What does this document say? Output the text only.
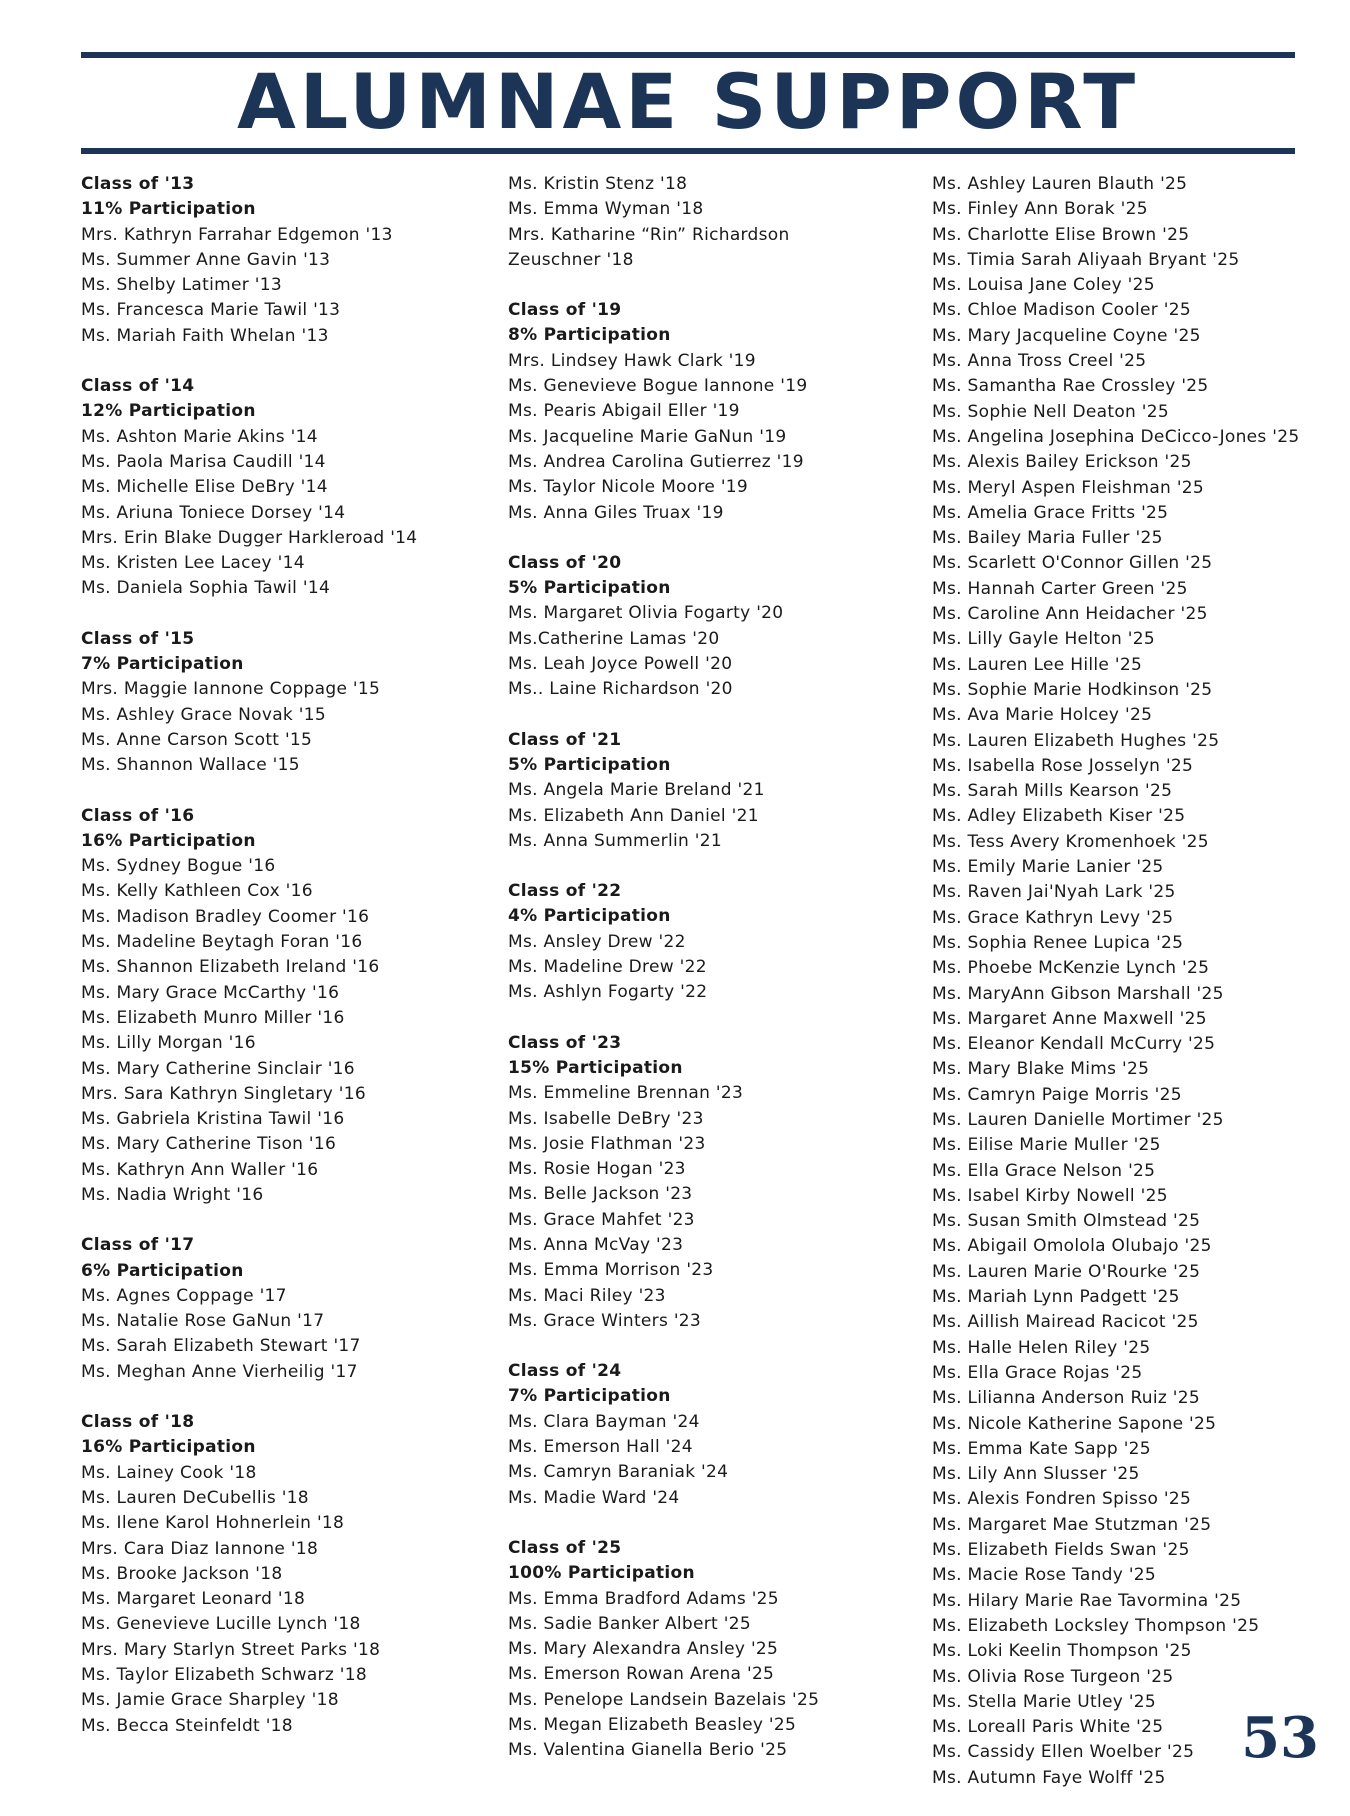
ALUMNAE SUPPORT
Class of '13
11% Participation
Mrs. Kathryn Farrahar Edgemon '13
Ms. Summer Anne Gavin '13
Ms. Shelby Latimer '13
Ms. Francesca Marie Tawil '13
Ms. Mariah Faith Whelan '13
Class of '14
12% Participation
Ms. Ashton Marie Akins '14
Ms. Paola Marisa Caudill '14
Ms. Michelle Elise DeBry '14
Ms. Ariuna Toniece Dorsey '14
Mrs. Erin Blake Dugger Harkleroad '14
Ms. Kristen Lee Lacey '14
Ms. Daniela Sophia Tawil '14
Class of '15
7% Participation
Mrs. Maggie Iannone Coppage '15
Ms. Ashley Grace Novak '15
Ms. Anne Carson Scott '15
Ms. Shannon Wallace '15
Class of '16
16% Participation
Ms. Sydney Bogue '16
Ms. Kelly Kathleen Cox '16
Ms. Madison Bradley Coomer '16
Ms. Madeline Beytagh Foran '16
Ms. Shannon Elizabeth Ireland '16
Ms. Mary Grace McCarthy '16
Ms. Elizabeth Munro Miller '16
Ms. Lilly Morgan '16
Ms. Mary Catherine Sinclair '16
Mrs. Sara Kathryn Singletary '16
Ms. Gabriela Kristina Tawil '16
Ms. Mary Catherine Tison '16
Ms. Kathryn Ann Waller '16
Ms. Nadia Wright '16
Class of '17
6% Participation
Ms. Agnes Coppage '17
Ms. Natalie Rose GaNun '17
Ms. Sarah Elizabeth Stewart '17
Ms. Meghan Anne Vierheilig '17
Class of '18
16% Participation
Ms. Lainey Cook '18
Ms. Lauren DeCubellis '18
Ms. Ilene Karol Hohnerlein '18
Mrs. Cara Diaz Iannone '18
Ms. Brooke Jackson '18
Ms. Margaret Leonard '18
Ms. Genevieve Lucille Lynch '18
Mrs. Mary Starlyn Street Parks '18
Ms. Taylor Elizabeth Schwarz '18
Ms. Jamie Grace Sharpley '18
Ms. Becca Steinfeldt '18
Ms. Kristin Stenz '18
Ms. Emma Wyman '18
Mrs. Katharine “Rin” Richardson
Zeuschner '18
Class of '19
8% Participation
Mrs. Lindsey Hawk Clark '19
Ms. Genevieve Bogue Iannone '19
Ms. Pearis Abigail Eller '19
Ms. Jacqueline Marie GaNun '19
Ms. Andrea Carolina Gutierrez '19
Ms. Taylor Nicole Moore '19
Ms. Anna Giles Truax '19
Class of '20
5% Participation
Ms. Margaret Olivia Fogarty '20
Ms.Catherine Lamas '20
Ms. Leah Joyce Powell '20
Ms.. Laine Richardson '20
Class of '21
5% Participation
Ms. Angela Marie Breland '21
Ms. Elizabeth Ann Daniel '21
Ms. Anna Summerlin '21
Class of '22
4% Participation
Ms. Ansley Drew '22
Ms. Madeline Drew '22
Ms. Ashlyn Fogarty '22
Class of '23
15% Participation
Ms. Emmeline Brennan '23
Ms. Isabelle DeBry '23
Ms. Josie Flathman '23
Ms. Rosie Hogan '23
Ms. Belle Jackson '23
Ms. Grace Mahfet '23
Ms. Anna McVay '23
Ms. Emma Morrison '23
Ms. Maci Riley '23
Ms. Grace Winters '23
Class of '24
7% Participation
Ms. Clara Bayman '24
Ms. Emerson Hall '24
Ms. Camryn Baraniak '24
Ms. Madie Ward '24
Class of '25
100% Participation
Ms. Emma Bradford Adams '25
Ms. Sadie Banker Albert '25
Ms. Mary Alexandra Ansley '25
Ms. Emerson Rowan Arena '25
Ms. Penelope Landsein Bazelais '25
Ms. Megan Elizabeth Beasley '25
Ms. Valentina Gianella Berio '25
Ms. Ashley Lauren Blauth '25
Ms. Finley Ann Borak '25
Ms. Charlotte Elise Brown '25
Ms. Timia Sarah Aliyaah Bryant '25
Ms. Louisa Jane Coley '25
Ms. Chloe Madison Cooler '25
Ms. Mary Jacqueline Coyne '25
Ms. Anna Tross Creel '25
Ms. Samantha Rae Crossley '25
Ms. Sophie Nell Deaton '25
Ms. Angelina Josephina DeCicco-Jones '25
Ms. Alexis Bailey Erickson '25
Ms. Meryl Aspen Fleishman '25
Ms. Amelia Grace Fritts '25
Ms. Bailey Maria Fuller '25
Ms. Scarlett O'Connor Gillen '25
Ms. Hannah Carter Green '25
Ms. Caroline Ann Heidacher '25
Ms. Lilly Gayle Helton '25
Ms. Lauren Lee Hille '25
Ms. Sophie Marie Hodkinson '25
Ms. Ava Marie Holcey '25
Ms. Lauren Elizabeth Hughes '25
Ms. Isabella Rose Josselyn '25
Ms. Sarah Mills Kearson '25
Ms. Adley Elizabeth Kiser '25
Ms. Tess Avery Kromenhoek '25
Ms. Emily Marie Lanier '25
Ms. Raven Jai'Nyah Lark '25
Ms. Grace Kathryn Levy '25
Ms. Sophia Renee Lupica '25
Ms. Phoebe McKenzie Lynch '25
Ms. MaryAnn Gibson Marshall '25
Ms. Margaret Anne Maxwell '25
Ms. Eleanor Kendall McCurry '25
Ms. Mary Blake Mims '25
Ms. Camryn Paige Morris '25
Ms. Lauren Danielle Mortimer '25
Ms. Eilise Marie Muller '25
Ms. Ella Grace Nelson '25
Ms. Isabel Kirby Nowell '25
Ms. Susan Smith Olmstead '25
Ms. Abigail Omolola Olubajo '25
Ms. Lauren Marie O'Rourke '25
Ms. Mariah Lynn Padgett '25
Ms. Aillish Mairead Racicot '25
Ms. Halle Helen Riley '25
Ms. Ella Grace Rojas '25
Ms. Lilianna Anderson Ruiz '25
Ms. Nicole Katherine Sapone '25
Ms. Emma Kate Sapp '25
Ms. Lily Ann Slusser '25
Ms. Alexis Fondren Spisso '25
Ms. Margaret Mae Stutzman '25
Ms. Elizabeth Fields Swan '25
Ms. Macie Rose Tandy '25
Ms. Hilary Marie Rae Tavormina '25
Ms. Elizabeth Locksley Thompson '25
Ms. Loki Keelin Thompson '25
Ms. Olivia Rose Turgeon '25
Ms. Stella Marie Utley '25
Ms. Loreall Paris White '25
Ms. Cassidy Ellen Woelber '25
Ms. Autumn Faye Wolff '25
53
